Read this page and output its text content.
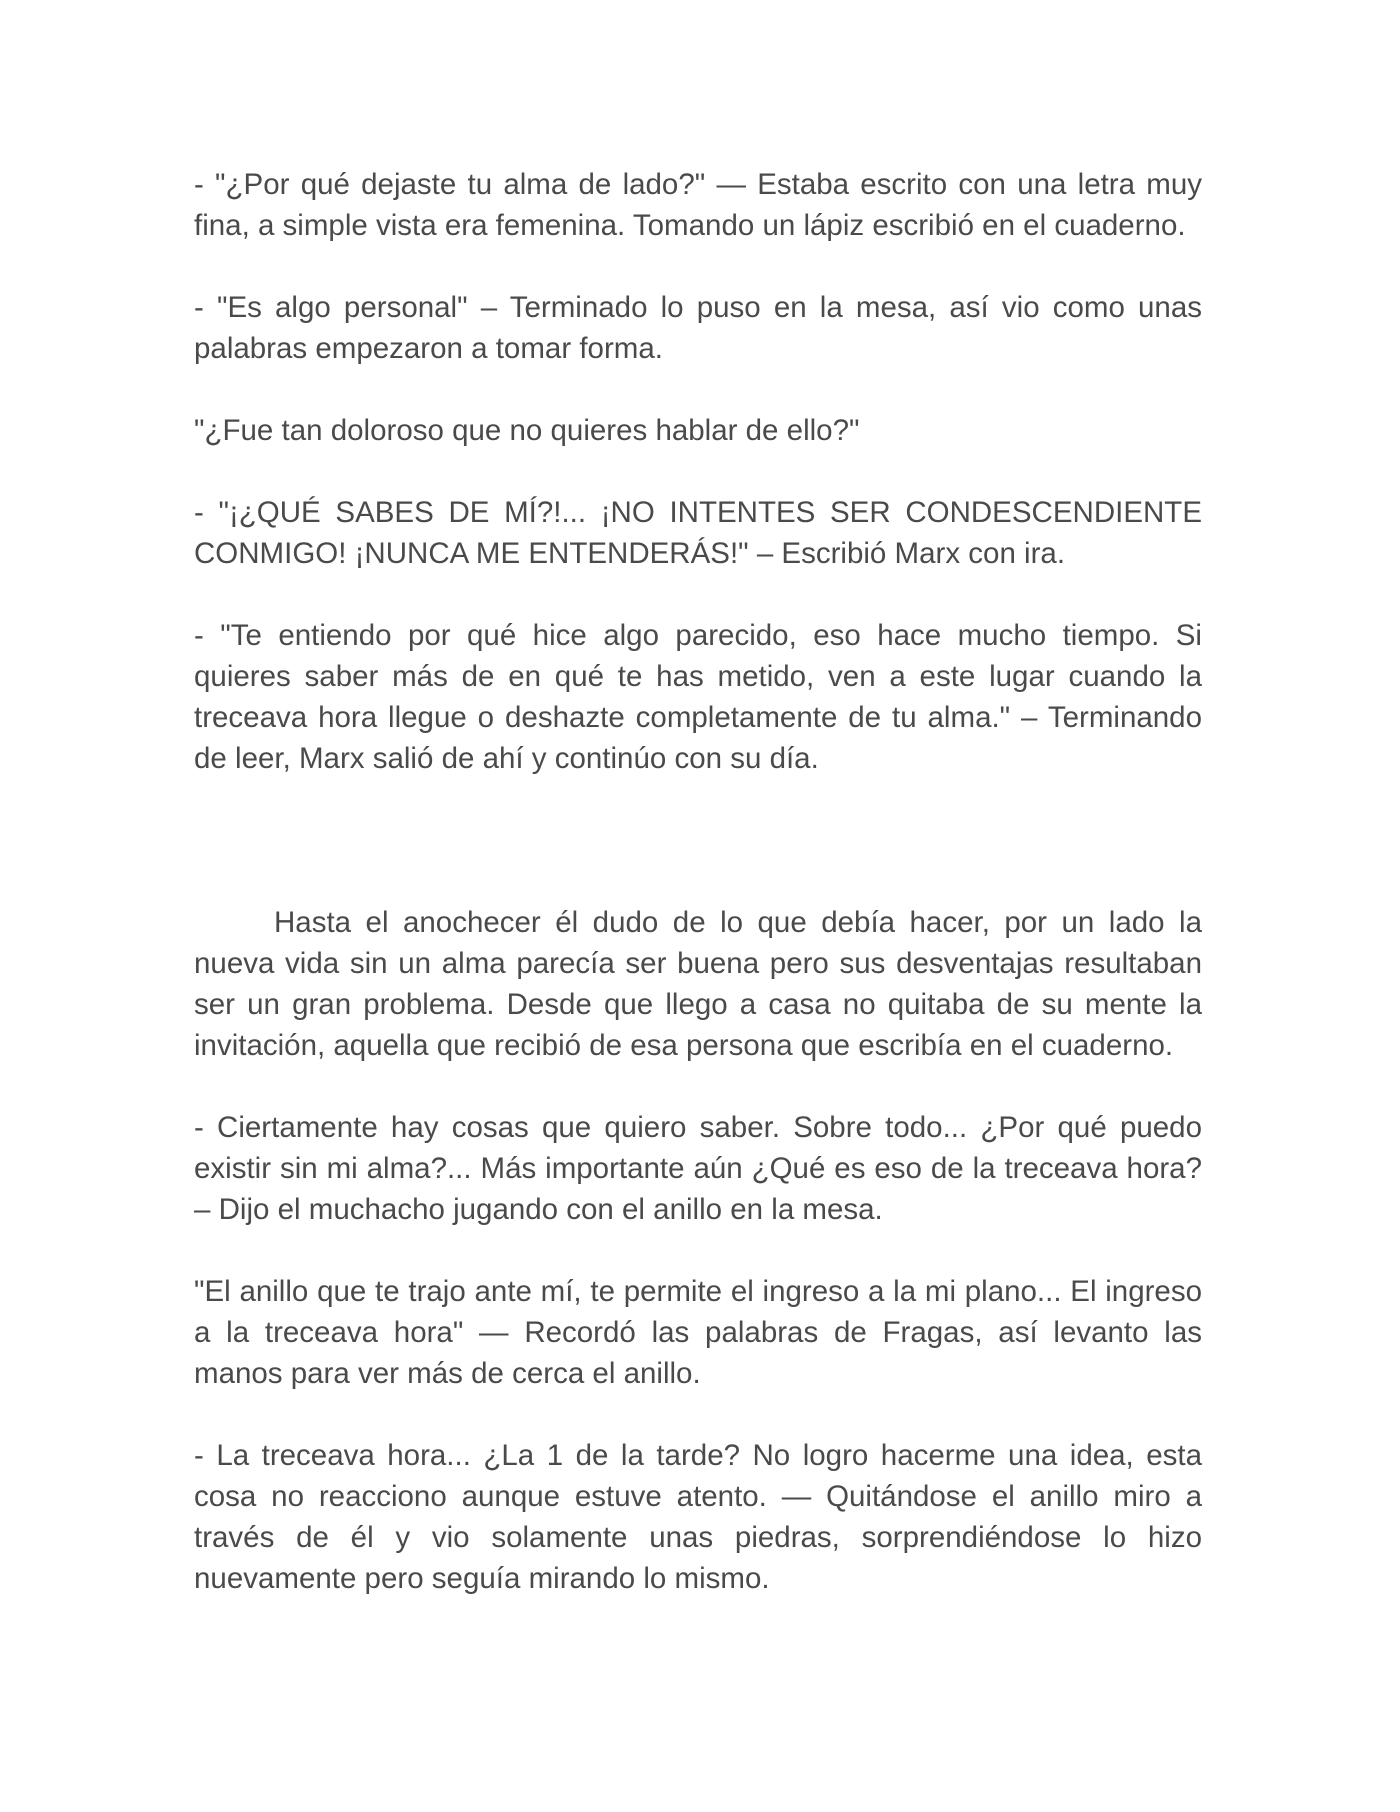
- "¿Por qué dejaste tu alma de lado?" — Estaba escrito con una letra muy fina, a simple vista era femenina. Tomando un lápiz escribió en el cuaderno.

- "Es algo personal" – Terminado lo puso en la mesa, así vio como unas palabras empezaron a tomar forma.

"¿Fue tan doloroso que no quieres hablar de ello?"

- "¡¿QUÉ SABES DE MÍ?!... ¡NO INTENTES SER CONDESCENDIENTE CONMIGO! ¡NUNCA ME ENTENDERÁS!" – Escribió Marx con ira.

- "Te entiendo por qué hice algo parecido, eso hace mucho tiempo. Si quieres saber más de en qué te has metido, ven a este lugar cuando la treceava hora llegue o deshazte completamente de tu alma." – Terminando de leer, Marx salió de ahí y continúo con su día.

Hasta el anochecer él dudo de lo que debía hacer, por un lado la nueva vida sin un alma parecía ser buena pero sus desventajas resultaban ser un gran problema. Desde que llego a casa no quitaba de su mente la invitación, aquella que recibió de esa persona que escribía en el cuaderno.

- Ciertamente hay cosas que quiero saber. Sobre todo... ¿Por qué puedo existir sin mi alma?... Más importante aún ¿Qué es eso de la treceava hora? – Dijo el muchacho jugando con el anillo en la mesa.

"El anillo que te trajo ante mí, te permite el ingreso a la mi plano... El ingreso a la treceava hora" — Recordó las palabras de Fragas, así levanto las manos para ver más de cerca el anillo.

- La treceava hora... ¿La 1 de la tarde? No logro hacerme una idea, esta cosa no reacciono aunque estuve atento. — Quitándose el anillo miro a través de él y vio solamente unas piedras, sorprendiéndose lo hizo nuevamente pero seguía mirando lo mismo.
